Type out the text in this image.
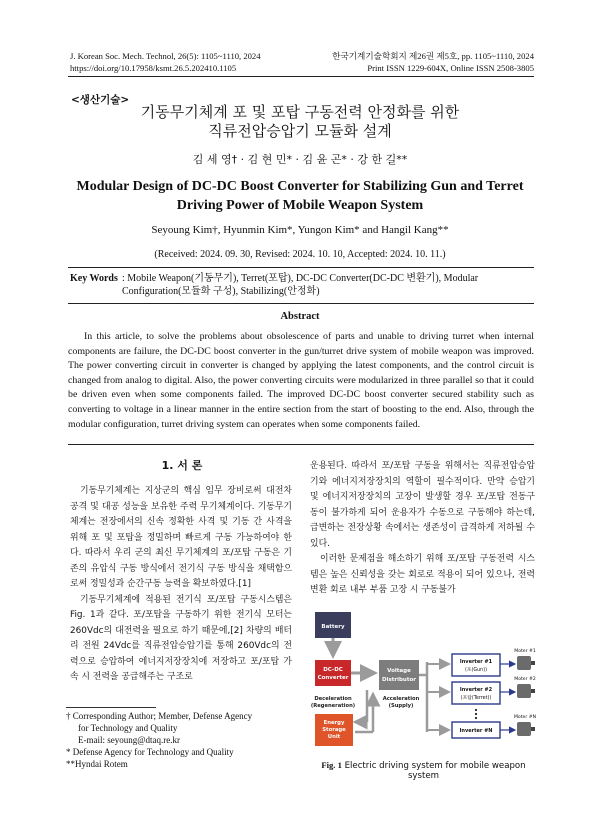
J. Korean Soc. Mech. Technol, 26(5): 1105~1110, 2024
https://doi.org/10.17958/ksmt.26.5.202410.1105
한국기계기술학회지 제26권 제5호, pp. 1105~1110, 2024
Print ISSN 1229-604X, Online ISSN 2508-3805
<생산기술>
기동무기체계 포 및 포탑 구동전력 안정화를 위한
직류전압승압기 모듈화 설계
김 세 영† · 김 현 민* · 김 윤 곤* · 강 한 길**
Modular Design of DC-DC Boost Converter for Stabilizing Gun and Terret
Driving Power of Mobile Weapon System
Seyoung Kim†, Hyunmin Kim*, Yungon Kim* and Hangil Kang**
(Received: 2024. 09. 30, Revised: 2024. 10. 10, Accepted: 2024. 10. 11.)
Key Words : Mobile Weapon(기동무기), Terret(포탑), DC-DC Converter(DC-DC 변환기), Modular Configuration(모듈화 구성), Stabilizing(안정화)
Abstract
In this article, to solve the problems about obsolescence of parts and unable to driving turret when internal components are failure, the DC-DC boost converter in the gun/turret drive system of mobile weapon was improved. The power converting circuit in converter is changed by applying the latest components, and the control circuit is changed from analog to digital. Also, the power converting circuits were modularized in three parallel so that it could be driven even when some components failed. The improved DC-DC boost converter secured stability such as converting to voltage in a linear manner in the entire section from the start of boosting to the end. Also, through the modular configuration, turret driving system can operates when some components failed.
1. 서 론

기동무기체계는 지상군의 핵심 임무 장비로써 대전차 공격 및 대공 성능을 보유한 주력 무기체계이다. 기동무기체계는 전장에서의 신속 정확한 사격 및 기동 간 사격을 위해 포 및 포탑을 정밀하며 빠르게 구동 가능하여야 한다. 따라서 우리 군의 최신 무기체계의 포/포탑 구동은 기존의 유압식 구동 방식에서 전기식 구동 방식을 채택함으로써 정밀성과 순간구동 능력을 확보하였다.[1]

기동무기체계에 적용된 전기식 포/포탑 구동시스템은 Fig. 1과 같다. 포/포탑을 구동하기 위한 전기식 모터는 260Vdc의 대전력을 필요로 하기 때문에,[2] 차량의 배터리 전원 24Vdc를 직류전압승압기를 통해 260Vdc의 전력으로 승압하여 에너지저장장치에 저장하고 포/포탑 가속 시 전력을 공급해주는 구조로

† Corresponding Author; Member, Defense Agency
for Technology and Quality
E-mail: seyoung@dtaq.re.kr
* Defense Agency for Technology and Quality
**Hyndai Rotem

운용된다. 따라서 포/포탑 구동을 위해서는 직류전압승압기와 에너지저장장치의 역할이 필수적이다. 만약 승압기 및 에너지저장장치의 고장이 발생할 경우 포/포탑 전동구동이 불가하게 되어 운용자가 수동으로 구동해야 하는데, 급변하는 전장상황 속에서는 생존성이 급격하게 저하될 수 있다.

이러한 문제점을 해소하기 위해 포/포탑 구동전력 시스템은 높은 신뢰성을 갖는 회로로 적용이 되어 있으나, 전력변환 회로 내부 부품 고장 시 구동불가

Battery
DC-DC
Converter
Voltage
Distributor
Deceleration
(Regeneration)
Acceleration
(Supply)
Energy
Storage
Unit
Inverter #1
(포(Gun))
Inverter #2
(포탑(Terret))
Inverter #N
Moter #1
Moter #2
Moter #N
Fig. 1 Electric driving system for mobile weapon system
